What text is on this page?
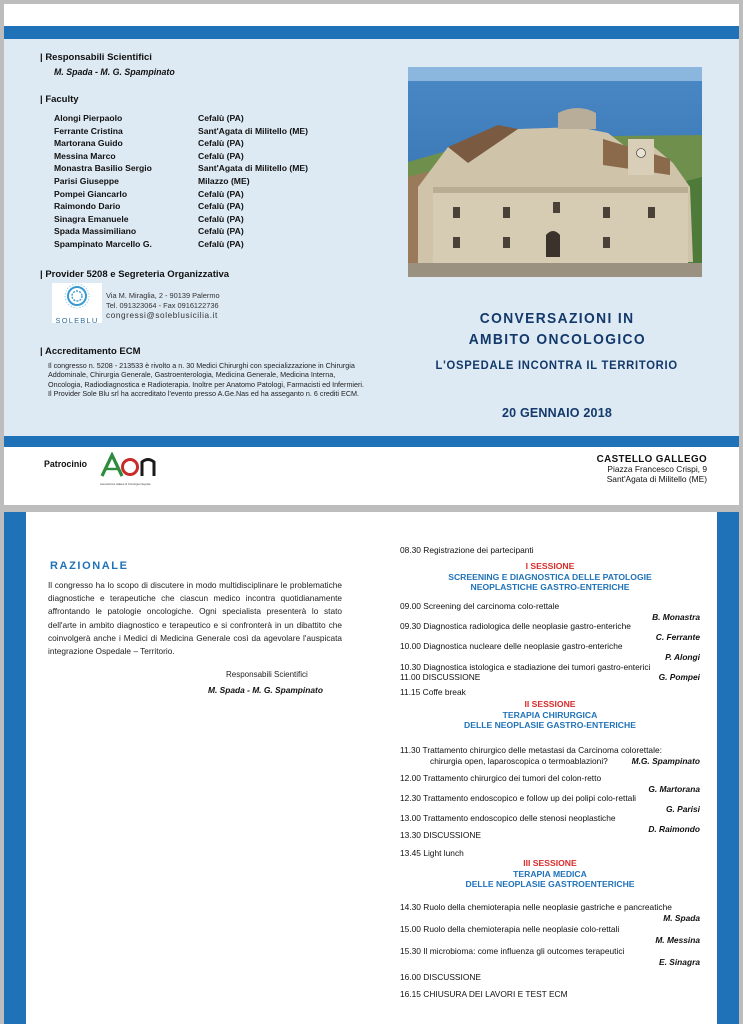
| Responsabili Scientifici
M. Spada - M. G. Spampinato
| Faculty
Alongi Pierpaolo	Cefalù (PA)
Ferrante Cristina	Sant'Agata di Militello (ME)
Martorana Guido	Cefalù (PA)
Messina Marco	Cefalù (PA)
Monastra Basilio Sergio	Sant'Agata di Militello (ME)
Parisi Giuseppe	Milazzo (ME)
Pompei Giancarlo	Cefalù (PA)
Raimondo Dario	Cefalù (PA)
Sinagra Emanuele	Cefalù (PA)
Spada Massimiliano	Cefalù (PA)
Spampinato Marcello G.	Cefalù (PA)
| Provider 5208 e Segreteria Organizzativa
SOLEBLU
Via M. Miraglia, 2 - 90139 Palermo
Tel. 091323064 - Fax 0916122736
congressi@soleblusicilia.it
| Accreditamento ECM
Il congresso n. 5208 - 213533 è rivolto a n. 30 Medici Chirurghi con specializzazione in Chirurgia Addominale, Chirurgia Generale, Gastroenterologia, Medicina Generale, Medicina Interna, Oncologia, Radiodiagnostica e Radioterapia. Inoltre per Anatomo Patologi, Farmacisti ed Infermieri. Il Provider Sole Blu srl ha accreditato l'evento presso A.Ge.Nas ed ha asseganto n. 6 crediti ECM.
CONVERSAZIONI IN
AMBITO ONCOLOGICO
L'OSPEDALE INCONTRA IL TERRITORIO
20 GENNAIO 2018
Patrocinio
Associazione Italiana di Oncologia Integrata
CASTELLO GALLEGO
Piazza Francesco Crispi, 9
Sant'Agata di Militello (ME)
RAZIONALE
Il congresso ha lo scopo di discutere in modo multidisciplinare le problematiche diagnostiche e terapeutiche che ciascun medico incontra quotidianamente affrontando le patologie oncologiche. Ogni specialista presenterà lo stato dell'arte in ambito diagnostico e terapeutico e si confronterà in un dibattito che coinvolgerà anche i Medici di Medicina Generale così da agevolare l'auspicata integrazione Ospedale – Territorio.
Responsabili Scientifici
M. Spada - M. G. Spampinato
08.30 Registrazione dei partecipanti
I SESSIONE
SCREENING E DIAGNOSTICA DELLE PATOLOGIE
NEOPLASTICHE GASTRO-ENTERICHE
09.00 Screening del carcinoma colo-rettale
B. Monastra
09.30 Diagnostica radiologica delle neoplasie gastro-enteriche
C. Ferrante
10.00 Diagnostica nucleare delle neoplasie gastro-enteriche
P. Alongi
10.30 Diagnostica istologica e stadiazione dei tumori gastro-enterici
G. Pompei
11.00 DISCUSSIONE
11.15 Coffe break
II SESSIONE
TERAPIA CHIRURGICA
DELLE NEOPLASIE GASTRO-ENTERICHE
11.30 Trattamento chirurgico delle metastasi da Carcinoma colorettale:
chirurgia open, laparoscopica o termoablazioni?	M.G. Spampinato
12.00 Trattamento chirurgico dei tumori del colon-retto
G. Martorana
12.30 Trattamento endoscopico e follow up dei polipi colo-rettali
G. Parisi
13.00 Trattamento endoscopico delle stenosi neoplastiche
D. Raimondo
13.30 DISCUSSIONE
13.45 Light lunch
III SESSIONE
TERAPIA MEDICA
DELLE NEOPLASIE GASTROENTERICHE
14.30 Ruolo della chemioterapia nelle neoplasie gastriche e pancreatiche
M. Spada
15.00 Ruolo della chemioterapia nelle neoplasie colo-rettali
M. Messina
15.30 Il microbioma: come influenza gli outcomes terapeutici
E. Sinagra
16.00 DISCUSSIONE
16.15 CHIUSURA DEI LAVORI E TEST ECM
